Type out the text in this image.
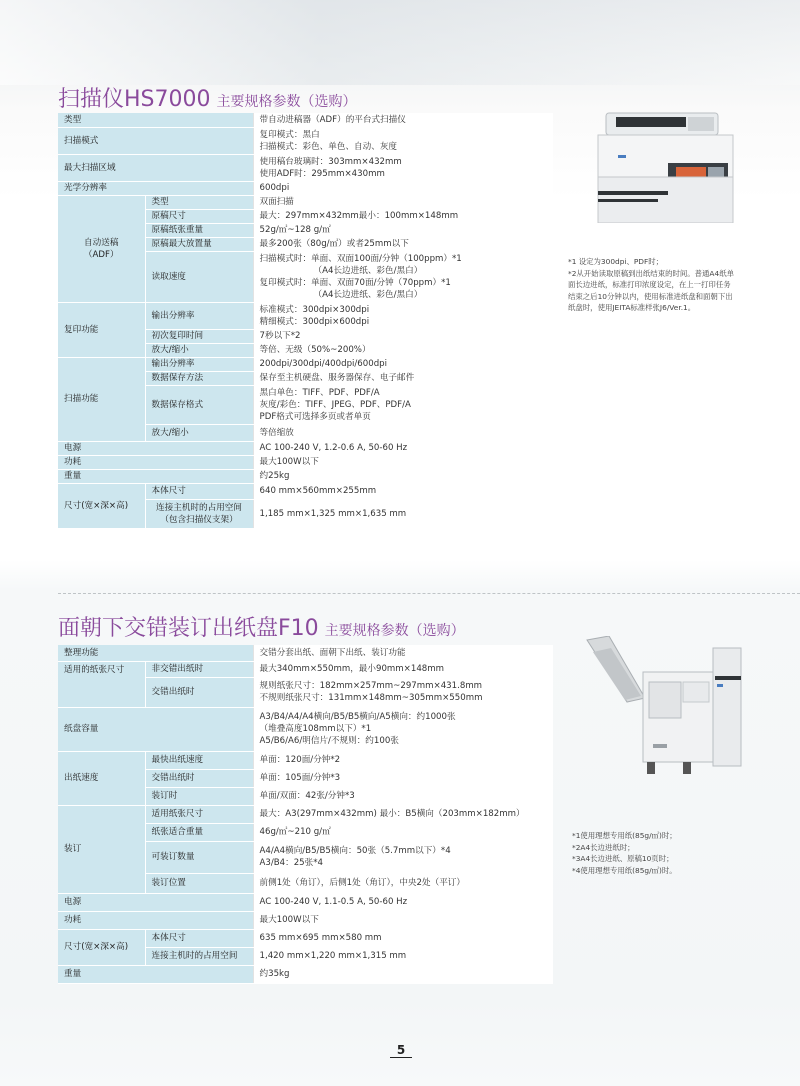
扫描仪HS7000 主要规格参数（选购）
类型		带自动进稿器（ADF）的平台式扫描仪
扫描模式		复印模式：黑白
扫描模式：彩色、单色、自动、灰度

最大扫描区域		使用稿台玻璃时：303mm×432mm
使用ADF时：295mm×430mm

光学分辨率		600dpi

自动送稿
（ADF）	类型	双面扫描
	原稿尺寸	最大：297mm×432mm最小：100mm×148mm
	原稿纸张重量	52g/㎡~128 g/㎡
	原稿最大放置量	最多200张（80g/㎡）或者25mm以下
	读取速度	扫描模式时：单面、双面100面/分钟（100ppm）*1
（A4长边进纸、彩色/黑白）
复印模式时：单面、双面70面/分钟（70ppm）*1
（A4长边进纸、彩色/黑白）

复印功能	输出分辨率	标准模式：300dpi×300dpi
精细模式：300dpi×600dpi

	初次复印时间	7秒以下*2
	放大/缩小	等倍、无级（50%~200%）
扫描功能	输出分辨率	200dpi/300dpi/400dpi/600dpi
	数据保存方法	保存至主机硬盘、服务器保存、电子邮件
	数据保存格式	黑白单色：TIFF、PDF、PDF/A
灰度/彩色：TIFF、JPEG、PDF、PDF/A
PDF格式可选择多页或者单页

	放大/缩小	等倍缩放
电源		AC 100-240 V, 1.2-0.6 A, 50-60 Hz
功耗		最大100W以下
重量		约25kg
尺寸(宽×深×高)	本体尺寸	640 mm×560mm×255mm

	连接主机时的占用空间
（包含扫描仪支架）	1,185 mm×1,325 mm×1,635 mm
*1 设定为300dpi、PDF时；
*2从开始读取原稿到出纸结束的时间。普通A4纸单
面长边进纸，标准打印浓度设定，在上一打印任务
结束之后10分钟以内，使用标准进纸盘和面朝下出
纸盘时，使用JEITA标准样张J6/Ver.1。
面朝下交错装订出纸盘F10 主要规格参数（选购）
整理功能		交错分套出纸、面朝下出纸、装订功能
适用的纸张尺寸	非交错出纸时	最大340mm×550mm，最小90mm×148mm
	交错出纸时	规则纸张尺寸：182mm×257mm~297mm×431.8mm
不规则纸张尺寸：131mm×148mm~305mm×550mm

纸盘容量		A3/B4/A4/A4横向/B5/B5横向/A5横向：约1000张
（堆叠高度108mm以下）*1
A5/B6/A6/明信片/不规则：约100张

出纸速度	最快出纸速度	单面：120面/分钟*2
	交错出纸时	单面：105面/分钟*3
	装订时	单面/双面：42张/分钟*3
装订	适用纸张尺寸	最大：A3(297mm×432mm) 最小：B5横向（203mm×182mm）
	纸张适合重量	46g/㎡~210 g/㎡
	可装订数量	A4/A4横向/B5/B5横向：50张（5.7mm以下）*4
A3/B4：25张*4

	装订位置	前侧1处（角订），后侧1处（角订），中央2处（平订）
电源		AC 100-240 V, 1.1-0.5 A, 50-60 Hz
功耗		最大100W以下
尺寸(宽×深×高)	本体尺寸	635 mm×695 mm×580 mm
	连接主机时的占用空间	1,420 mm×1,220 mm×1,315 mm
重量		约35kg
*1使用理想专用纸(85g/㎡)时；
*2A4长边进纸时；
*3A4长边进纸、原稿10页时；
*4使用理想专用纸(85g/㎡)时。
5
